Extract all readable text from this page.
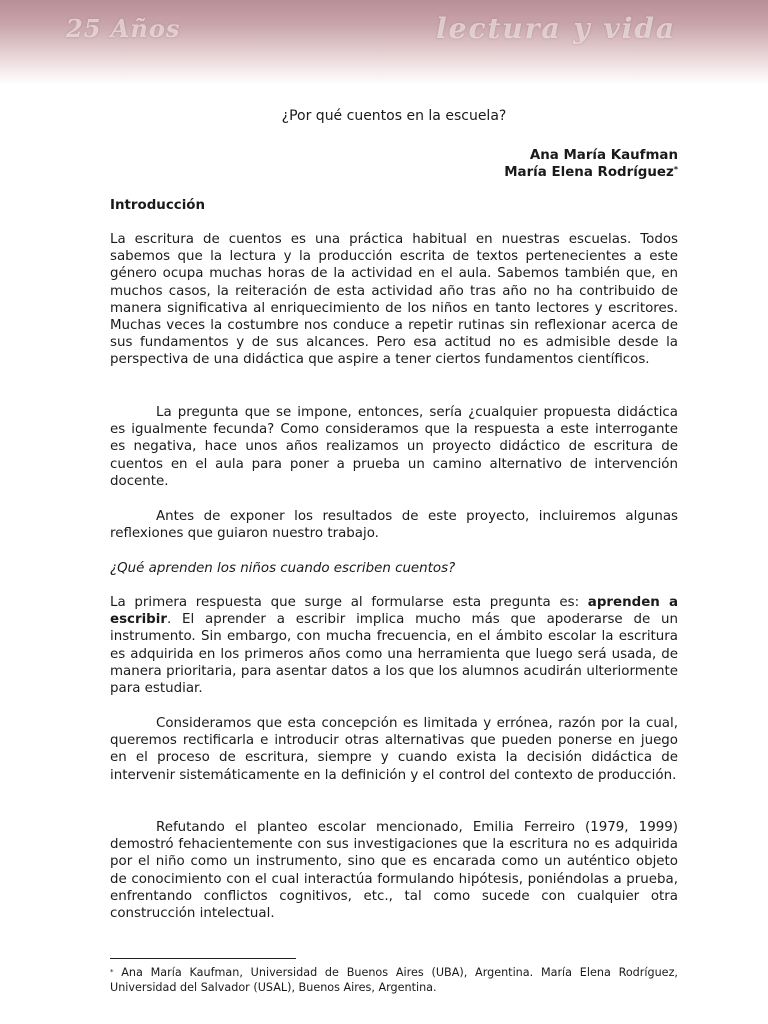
25 Años	lectura y vida
¿Por qué cuentos en la escuela?
Ana María Kaufman
María Elena Rodríguez*
Introducción

La escritura de cuentos es una práctica habitual en nuestras escuelas. Todos sabemos que la lectura y la producción escrita de textos pertenecientes a este género ocupa muchas horas de la actividad en el aula. Sabemos también que, en muchos casos, la reiteración de esta actividad año tras año no ha contribuido de manera significativa al enriquecimiento de los niños en tanto lectores y escritores. Muchas veces la costumbre nos conduce a repetir rutinas sin reflexionar acerca de sus fundamentos y de sus alcances. Pero esa actitud no es admisible desde la perspectiva de una didáctica que aspire a tener ciertos fundamentos científicos.

La pregunta que se impone, entonces, sería ¿cualquier propuesta didáctica es igualmente fecunda? Como consideramos que la respuesta a este interrogante es negativa, hace unos años realizamos un proyecto didáctico de escritura de cuentos en el aula para poner a prueba un camino alternativo de intervención docente.

Antes de exponer los resultados de este proyecto, incluiremos algunas reflexiones que guiaron nuestro trabajo.

¿Qué aprenden los niños cuando escriben cuentos?

La primera respuesta que surge al formularse esta pregunta es: aprenden a escribir. El aprender a escribir implica mucho más que apoderarse de un instrumento. Sin embargo, con mucha frecuencia, en el ámbito escolar la escritura es adquirida en los primeros años como una herramienta que luego será usada, de manera prioritaria, para asentar datos a los que los alumnos acudirán ulteriormente para estudiar.

Consideramos que esta concepción es limitada y errónea, razón por la cual, queremos rectificarla e introducir otras alternativas que pueden ponerse en juego en el proceso de escritura, siempre y cuando exista la decisión didáctica de intervenir sistemáticamente en la definición y el control del contexto de producción.

Refutando el planteo escolar mencionado, Emilia Ferreiro (1979, 1999) demostró fehacientemente con sus investigaciones que la escritura no es adquirida por el niño como un instrumento, sino que es encarada como un auténtico objeto de conocimiento con el cual interactúa formulando hipótesis, poniéndolas a prueba, enfrentando conflictos cognitivos, etc., tal como sucede con cualquier otra construcción intelectual.

* Ana María Kaufman, Universidad de Buenos Aires (UBA), Argentina. María Elena Rodríguez, Universidad del Salvador (USAL), Buenos Aires, Argentina.
